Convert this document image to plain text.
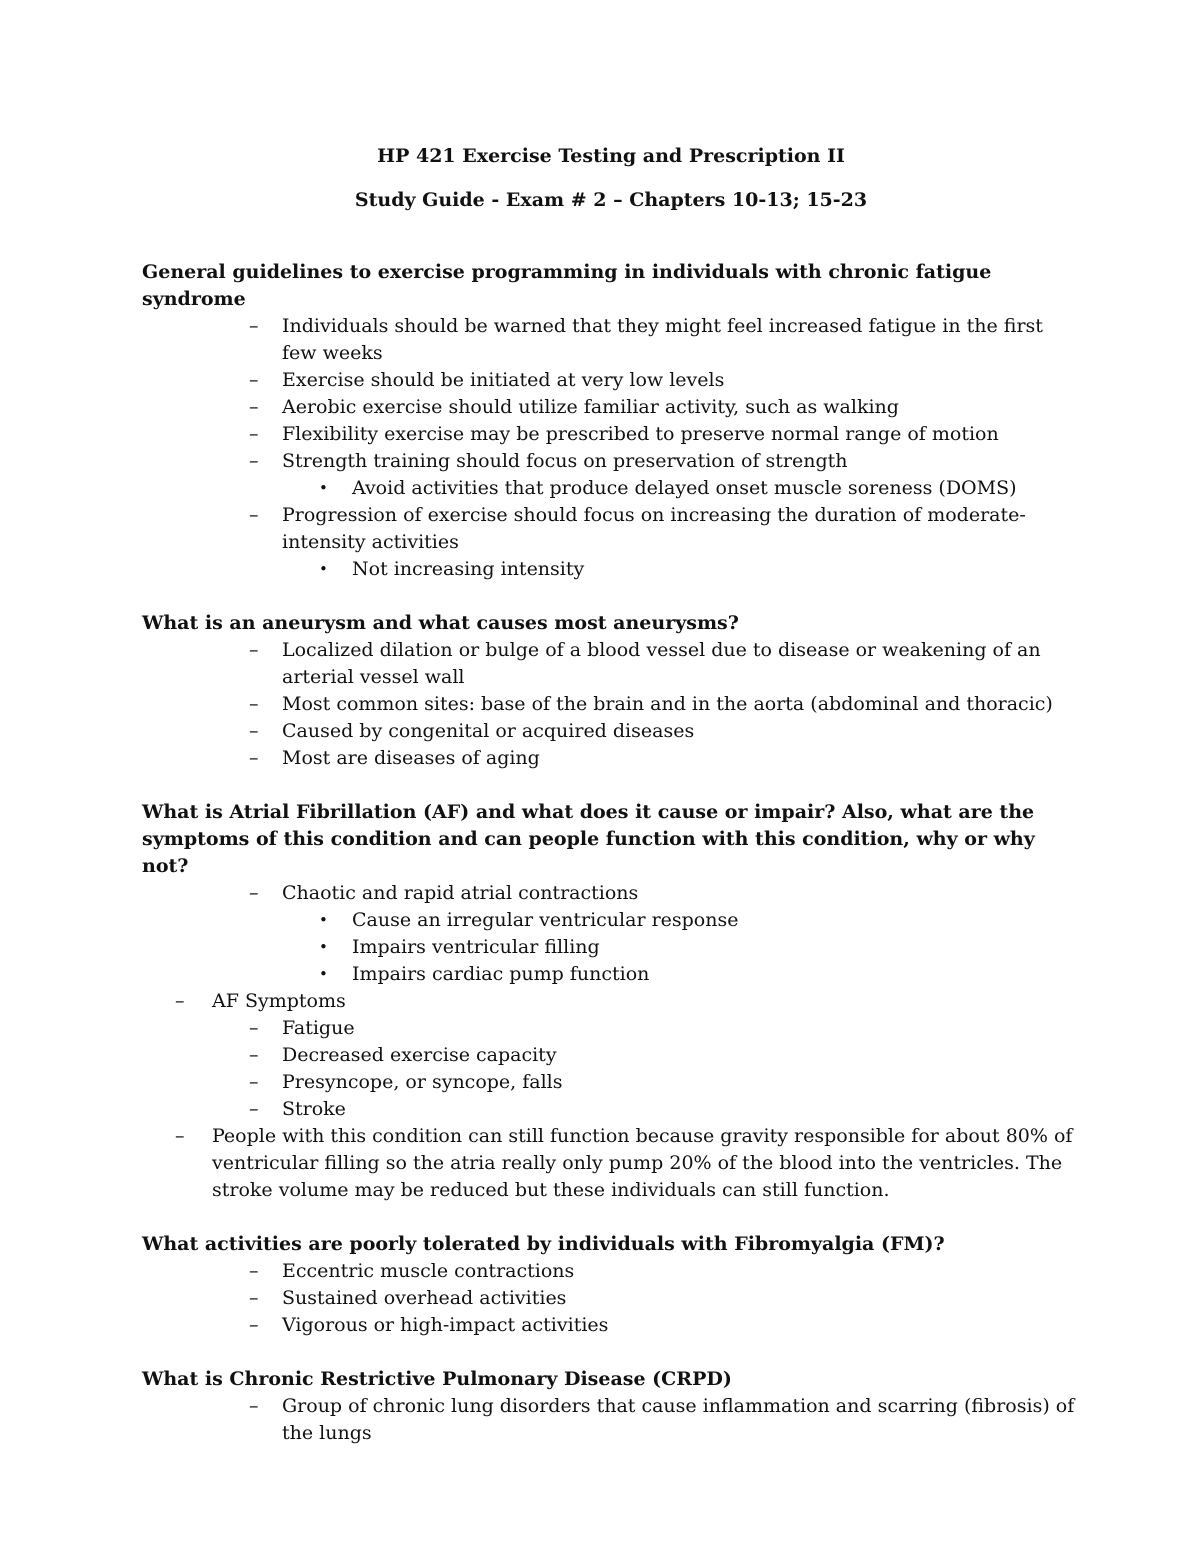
HP 421 Exercise Testing and Prescription II
Study Guide - Exam # 2 – Chapters 10-13; 15-23
General guidelines to exercise programming in individuals with chronic fatigue syndrome
–	Individuals should be warned that they might feel increased fatigue in the first few weeks
–	Exercise should be initiated at very low levels
–	Aerobic exercise should utilize familiar activity, such as walking
–	Flexibility exercise may be prescribed to preserve normal range of motion
–	Strength training should focus on preservation of strength
•	Avoid activities that produce delayed onset muscle soreness (DOMS)
–	Progression of exercise should focus on increasing the duration of moderate-intensity activities
•	Not increasing intensity
What is an aneurysm and what causes most aneurysms?
–	Localized dilation or bulge of a blood vessel due to disease or weakening of an arterial vessel wall
–	Most common sites: base of the brain and in the aorta (abdominal and thoracic)
–	Caused by congenital or acquired diseases
–	Most are diseases of aging
What is Atrial Fibrillation (AF) and what does it cause or impair? Also, what are the symptoms of this condition and can people function with this condition, why or why not?
–	Chaotic and rapid atrial contractions
•	Cause an irregular ventricular response
•	Impairs ventricular filling
•	Impairs cardiac pump function
–	AF Symptoms
–	Fatigue
–	Decreased exercise capacity
–	Presyncope, or syncope, falls
–	Stroke
–	People with this condition can still function because gravity responsible for about 80% of ventricular filling so the atria really only pump 20% of the blood into the ventricles. The stroke volume may be reduced but these individuals can still function.
What activities are poorly tolerated by individuals with Fibromyalgia (FM)?
–	Eccentric muscle contractions
–	Sustained overhead activities
–	Vigorous or high-impact activities
What is Chronic Restrictive Pulmonary Disease (CRPD)
–	Group of chronic lung disorders that cause inflammation and scarring (fibrosis) of the lungs
